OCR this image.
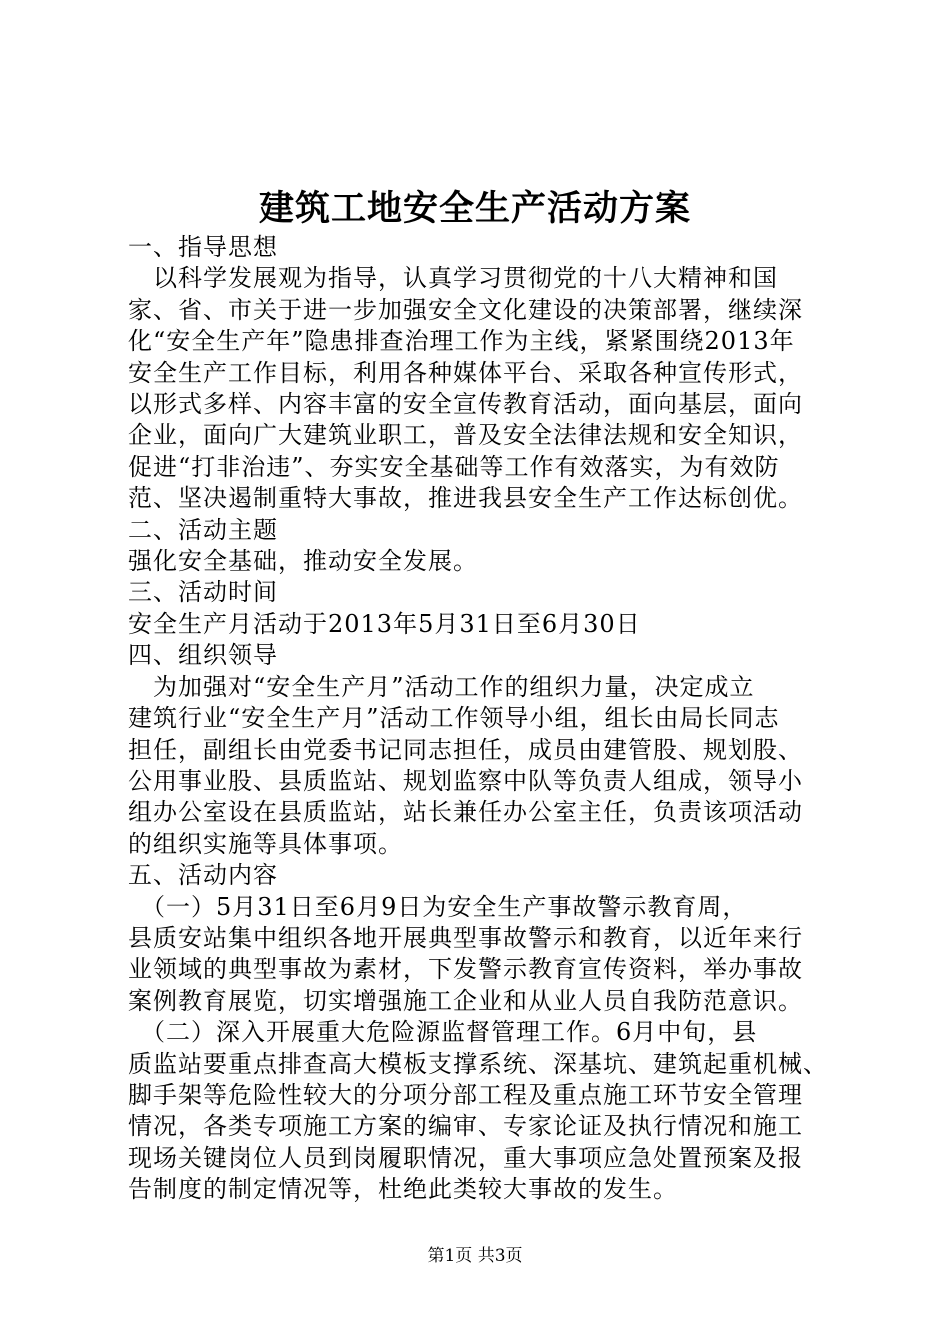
建筑工地安全生产活动方案

一、指导思想

　以科学发展观为指导，认真学习贯彻党的十八大精神和国

家、省、市关于进一步加强安全文化建设的决策部署，继续深

化“安全生产年”隐患排查治理工作为主线，紧紧围绕2013年

安全生产工作目标，利用各种媒体平台、采取各种宣传形式，

以形式多样、内容丰富的安全宣传教育活动，面向基层，面向

企业，面向广大建筑业职工，普及安全法律法规和安全知识，

促进“打非治违”、夯实安全基础等工作有效落实，为有效防

范、坚决遏制重特大事故，推进我县安全生产工作达标创优。

二、活动主题

强化安全基础，推动安全发展。

三、活动时间

安全生产月活动于2013年5月31日至6月30日

四、组织领导

　为加强对“安全生产月”活动工作的组织力量，决定成立

建筑行业“安全生产月”活动工作领导小组，组长由局长同志

担任，副组长由党委书记同志担任，成员由建管股、规划股、

公用事业股、县质监站、规划监察中队等负责人组成，领导小

组办公室设在县质监站，站长兼任办公室主任，负责该项活动

的组织实施等具体事项。

五、活动内容

　（一）5月31日至6月9日为安全生产事故警示教育周，

县质安站集中组织各地开展典型事故警示和教育，以近年来行

业领域的典型事故为素材，下发警示教育宣传资料，举办事故

案例教育展览，切实增强施工企业和从业人员自我防范意识。

　（二）深入开展重大危险源监督管理工作。6月中旬，县

质监站要重点排查高大模板支撑系统、深基坑、建筑起重机械、

脚手架等危险性较大的分项分部工程及重点施工环节安全管理

情况，各类专项施工方案的编审、专家论证及执行情况和施工

现场关键岗位人员到岗履职情况，重大事项应急处置预案及报

告制度的制定情况等，杜绝此类较大事故的发生。

第1页 共3页
